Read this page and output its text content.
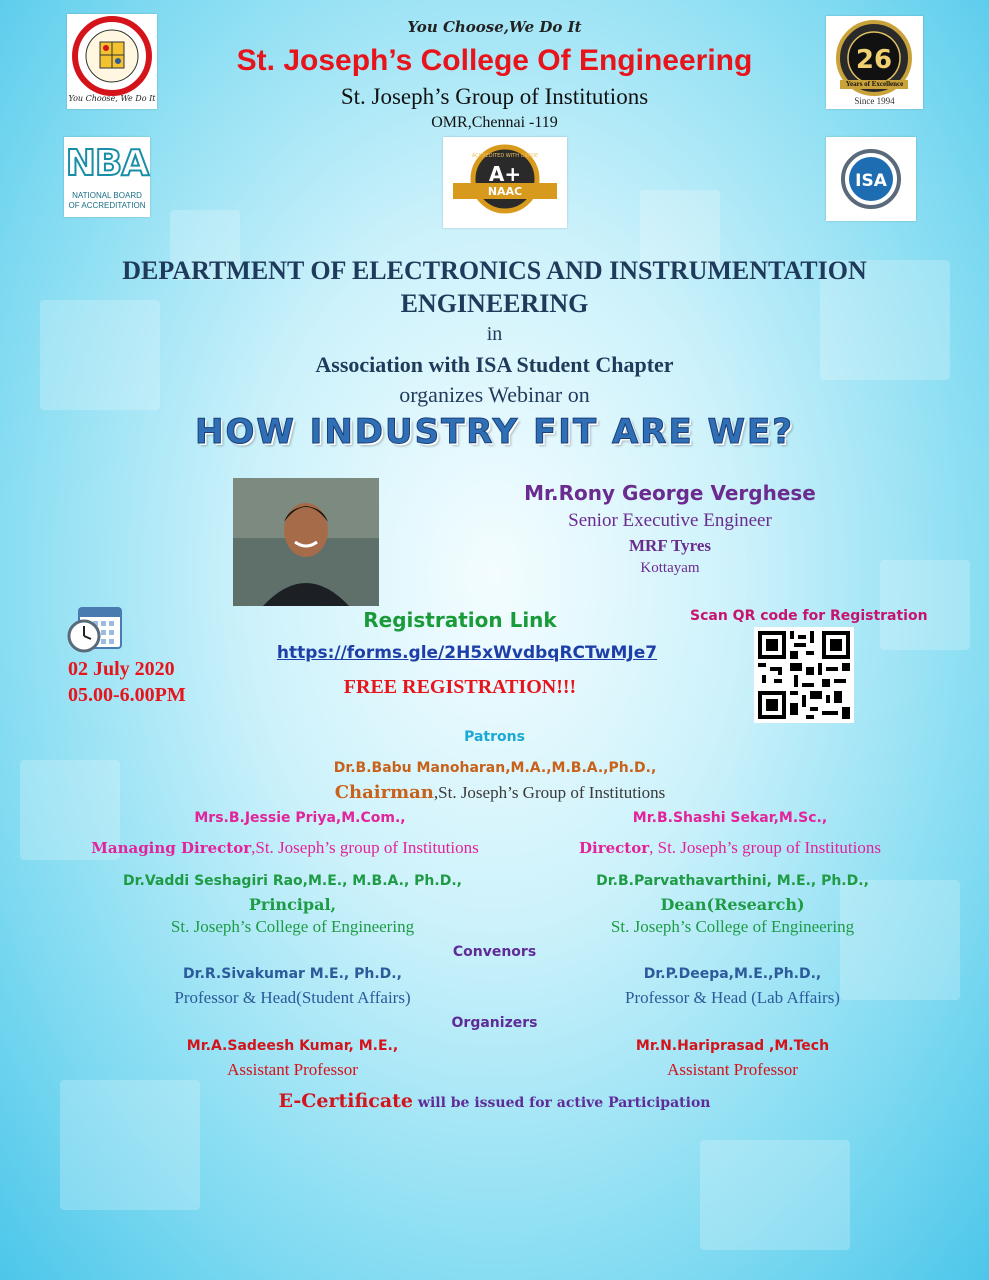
You Choose,We Do It
St. Joseph’s College Of Engineering
St. Joseph’s Group of Institutions
OMR,Chennai -119
You Choose, We Do It
26
Years of Excellence
Since 1994
NBA
NATIONAL BOARD
OF ACCREDITATION
A+
NAAC
ACCREDITED WITH GRADE
ISA
DEPARTMENT OF ELECTRONICS AND INSTRUMENTATION
ENGINEERING
in
Association with ISA Student Chapter
organizes Webinar on
HOW INDUSTRY FIT ARE WE?
Mr.Rony George Verghese
Senior Executive Engineer
MRF Tyres
Kottayam
02 July 2020
05.00-6.00PM
Registration Link
https://forms.gle/2H5xWvdbqRCTwMJe7
FREE REGISTRATION!!!
Scan QR code for Registration
Patrons
Dr.B.Babu Manoharan,M.A.,M.B.A.,Ph.D.,
Chairman,St. Joseph’s Group of Institutions
Mrs.B.Jessie Priya,M.Com.,
Managing Director,St. Joseph’s group of Institutions
Mr.B.Shashi Sekar,M.Sc.,
Director, St. Joseph’s group of Institutions
Dr.Vaddi Seshagiri Rao,M.E., M.B.A., Ph.D.,
Principal,
St. Joseph’s College of Engineering
Dr.B.Parvathavarthini, M.E., Ph.D.,
Dean(Research)
St. Joseph’s College of Engineering
Convenors
Dr.R.Sivakumar M.E., Ph.D.,
Professor & Head(Student Affairs)
Dr.P.Deepa,M.E.,Ph.D.,
Professor & Head (Lab Affairs)
Organizers
Mr.A.Sadeesh Kumar, M.E.,
Assistant Professor
Mr.N.Hariprasad ,M.Tech
Assistant Professor
E-Certificate will be issued for active Participation
